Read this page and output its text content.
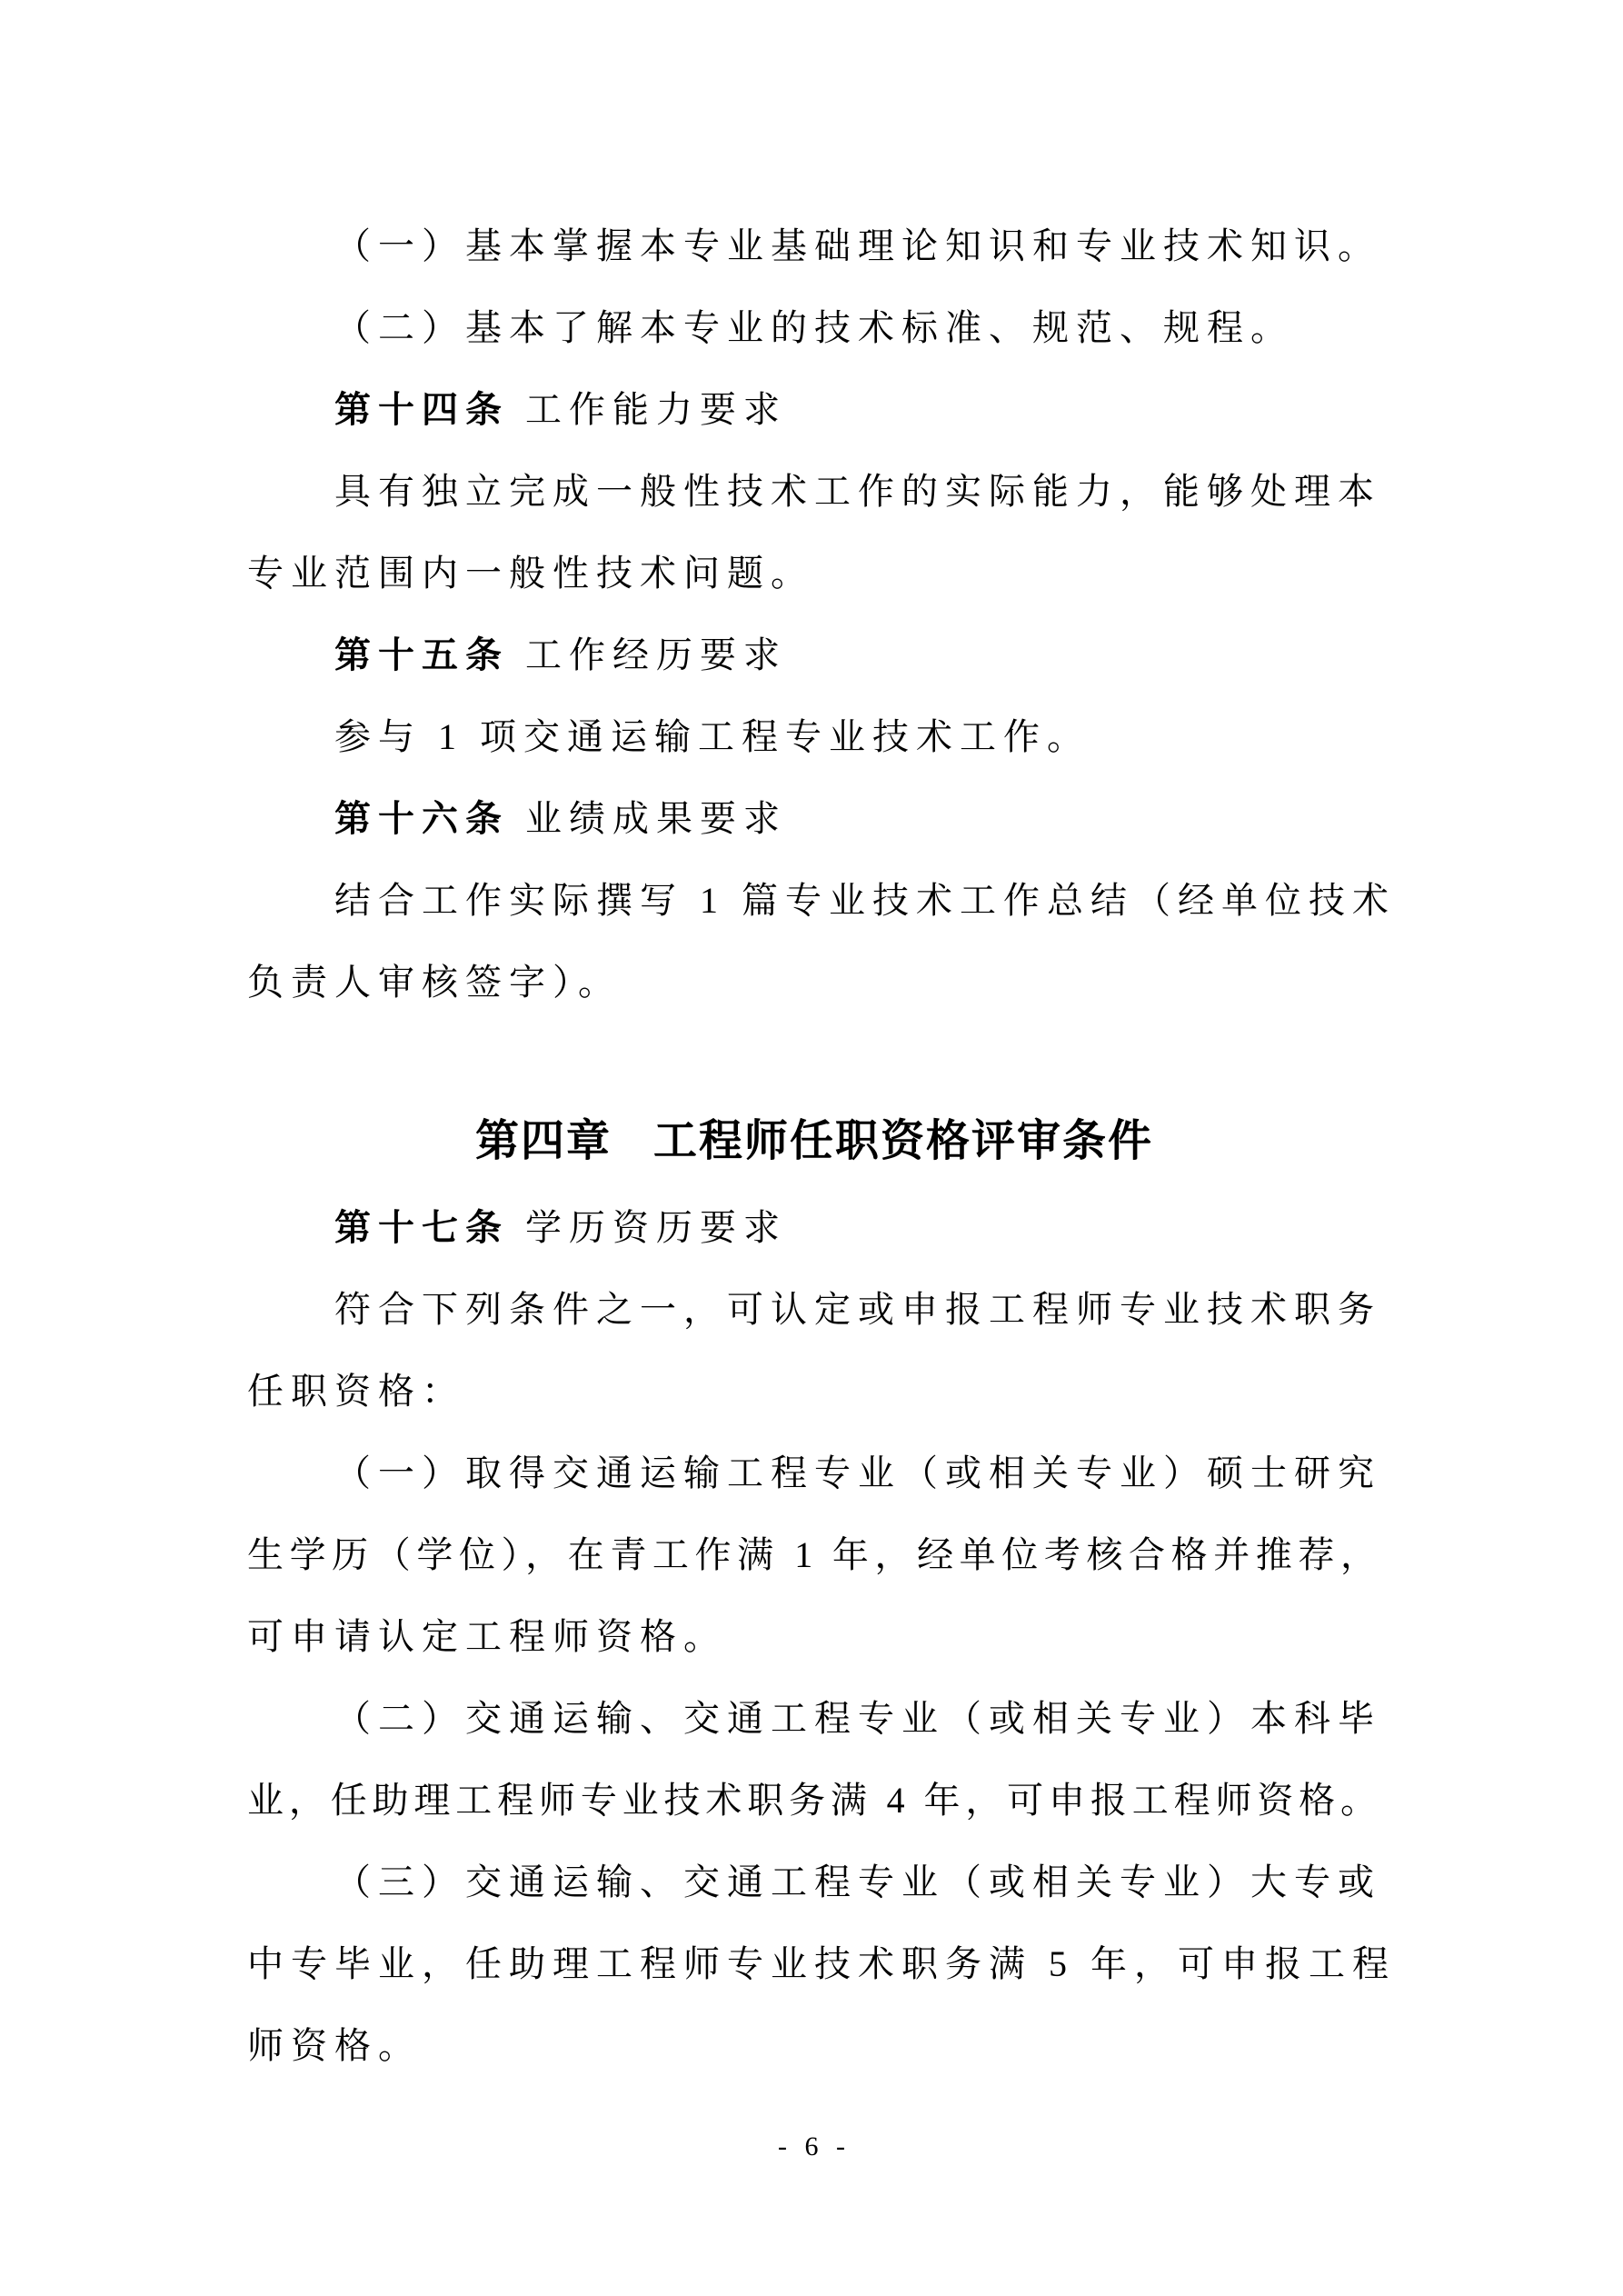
（一）基本掌握本专业基础理论知识和专业技术知识。
（二）基本了解本专业的技术标准、规范、规程。
第十四条 工作能力要求
具有独立完成一般性技术工作的实际能力，能够处理本
专业范围内一般性技术问题。
第十五条 工作经历要求
参与 1 项交通运输工程专业技术工作。
第十六条 业绩成果要求
结合工作实际撰写 1 篇专业技术工作总结（经单位技术
负责人审核签字）。
第四章 工程师任职资格评审条件
第十七条 学历资历要求
符合下列条件之一，可认定或申报工程师专业技术职务
任职资格：
（一）取得交通运输工程专业（或相关专业）硕士研究
生学历（学位），在青工作满 1 年，经单位考核合格并推荐，
可申请认定工程师资格。
（二）交通运输、交通工程专业（或相关专业）本科毕
业，任助理工程师专业技术职务满 4 年，可申报工程师资格。
（三）交通运输、交通工程专业（或相关专业）大专或
中专毕业，任助理工程师专业技术职务满 5 年，可申报工程
师资格。
- 6 -
